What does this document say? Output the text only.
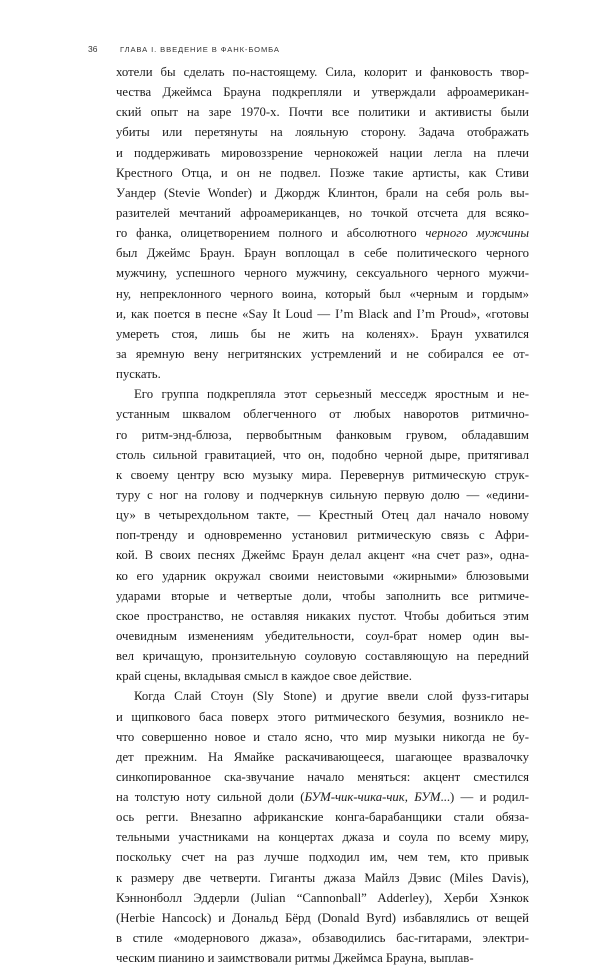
36	ГЛАВА I. ВВЕДЕНИЕ В ФАНК-БОМБА
хотели бы сделать по-настоящему. Сила, колорит и фанковость твор-
чества Джеймса Брауна подкрепляли и утверждали афроамерикан-
ский опыт на заре 1970-х. Почти все политики и активисты были
убиты или перетянуты на лояльную сторону. Задача отображать
и поддерживать мировоззрение чернокожей нации легла на плечи
Крестного Отца, и он не подвел. Позже такие артисты, как Стиви
Уандер (Stevie Wonder) и Джордж Клинтон, брали на себя роль вы-
разителей мечтаний афроамериканцев, но точкой отсчета для всяко-
го фанка, олицетворением полного и абсолютного черного мужчины
был Джеймс Браун. Браун воплощал в себе политического черного
мужчину, успешного черного мужчину, сексуального черного мужчи-
ну, непреклонного черного воина, который был «черным и гордым»
и, как поется в песне «Say It Loud — I’m Black and I’m Proud», «готовы
умереть стоя, лишь бы не жить на коленях». Браун ухватился
за яремную вену негритянских устремлений и не собирался ее от-
пускать.
Его группа подкрепляла этот серьезный месседж яростным и не-
устанным шквалом облегченного от любых наворотов ритмично-
го ритм-энд-блюза, первобытным фанковым грувом, обладавшим
столь сильной гравитацией, что он, подобно черной дыре, притягивал
к своему центру всю музыку мира. Перевернув ритмическую струк-
туру с ног на голову и подчеркнув сильную первую долю — «едини-
цу» в четырехдольном такте, — Крестный Отец дал начало новому
поп-тренду и одновременно установил ритмическую связь с Афри-
кой. В своих песнях Джеймс Браун делал акцент «на счет раз», одна-
ко его ударник окружал своими неистовыми «жирными» блюзовыми
ударами вторые и четвертые доли, чтобы заполнить все ритмиче-
ское пространство, не оставляя никаких пустот. Чтобы добиться этим
очевидным изменениям убедительности, соул-брат номер один вы-
вел кричащую, пронзительную соуловую составляющую на передний
край сцены, вкладывая смысл в каждое свое действие.
Когда Слай Стоун (Sly Stone) и другие ввели слой фузз-гитары
и щипкового баса поверх этого ритмического безумия, возникло не-
что совершенно новое и стало ясно, что мир музыки никогда не бу-
дет прежним. На Ямайке раскачивающееся, шагающее вразвалочку
синкопированное ска-звучание начало меняться: акцент сместился
на толстую ноту сильной доли (БУМ-чик-чика-чик, БУМ...) — и родил-
ось регги. Внезапно африканские конга-барабанщики стали обяза-
тельными участниками на концертах джаза и соула по всему миру,
поскольку счет на раз лучше подходил им, чем тем, кто привык
к размеру две четверти. Гиганты джаза Майлз Дэвис (Miles Davis),
Кэннонболл Эддерли (Julian “Cannonball” Adderley), Херби Хэнкок
(Herbie Hancock) и Дональд Бёрд (Donald Byrd) избавлялись от вещей
в стиле «модернового джаза», обзаводились бас-гитарами, электри-
ческим пианино и заимствовали ритмы Джеймса Брауна, выплав-
